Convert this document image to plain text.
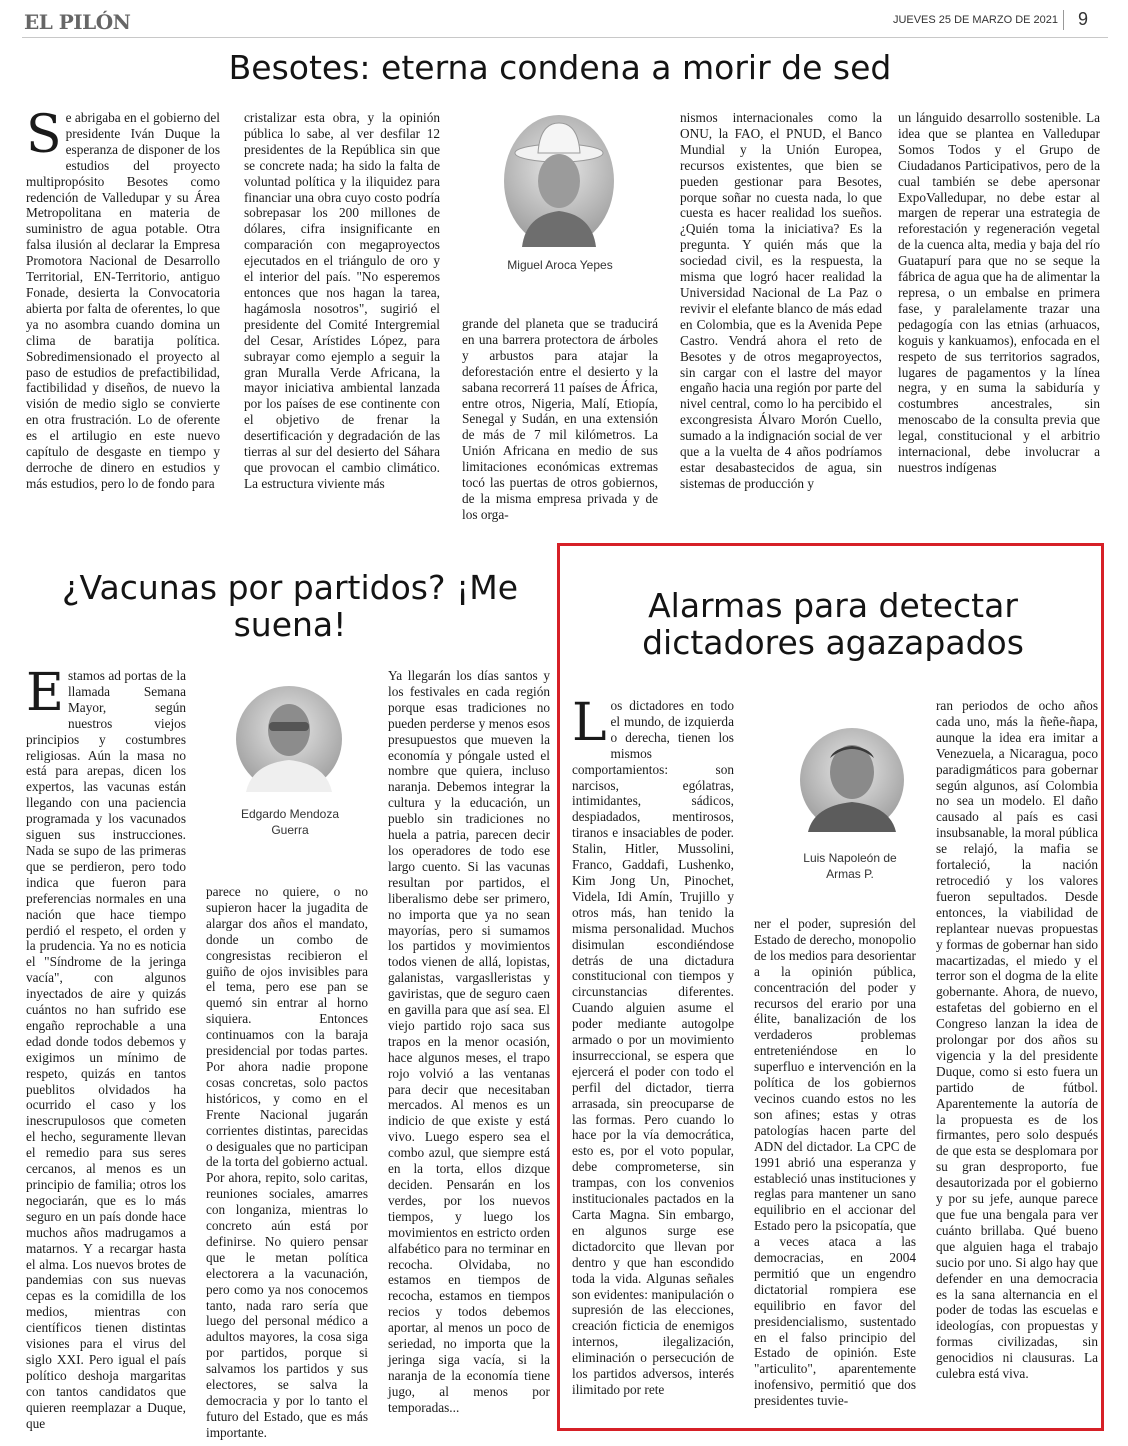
EL PILÓN	JUEVES 25 DE MARZO DE 2021 9
Besotes: eterna condena a morir de sed
Se abrigaba en el gobierno del presidente Iván Duque la esperanza de disponer de los estudios del proyecto multipropósito Besotes como redención de Valledupar y su Área Metropolitana en materia de suministro de agua potable. Otra falsa ilusión al declarar la Empresa Promotora Nacional de Desarrollo Territorial, EN-Territorio, antiguo Fonade, desierta la Convocatoria abierta por falta de oferentes, lo que ya no asombra cuando domina un clima de baratija política. Sobredimensionado el proyecto al paso de estudios de prefactibilidad, factibilidad y diseños, de nuevo la visión de medio siglo se convierte en otra frustración. Lo de oferente es el artilugio en este nuevo capítulo de desgaste en tiempo y derroche de dinero en estudios y más estudios, pero lo de fondo para
cristalizar esta obra, y la opinión pública lo sabe, al ver desfilar 12 presidentes de la República sin que se concrete nada; ha sido la falta de voluntad política y la iliquidez para financiar una obra cuyo costo podría sobrepasar los 200 millones de dólares, cifra insignificante en comparación con megaproyectos ejecutados en el triángulo de oro y el interior del país. "No esperemos entonces que nos hagan la tarea, hagámosla nosotros", sugirió el presidente del Comité Intergremial del Cesar, Arístides López, para subrayar como ejemplo a seguir la gran Muralla Verde Africana, la mayor iniciativa ambiental lanzada por los países de ese continente con el objetivo de frenar la desertificación y degradación de las tierras al sur del desierto del Sáhara que provocan el cambio climático. La estructura viviente más
Miguel Aroca Yepes
grande del planeta que se traducirá en una barrera protectora de árboles y arbustos para atajar la deforestación entre el desierto y la sabana recorrerá 11 países de África, entre otros, Nigeria, Malí, Etiopía, Senegal y Sudán, en una extensión de más de 7 mil kilómetros. La Unión Africana en medio de sus limitaciones económicas extremas tocó las puertas de otros gobiernos, de la misma empresa privada y de los orga-
nismos internacionales como la ONU, la FAO, el PNUD, el Banco Mundial y la Unión Europea, recursos existentes, que bien se pueden gestionar para Besotes, porque soñar no cuesta nada, lo que cuesta es hacer realidad los sueños. ¿Quién toma la iniciativa? Es la pregunta. Y quién más que la sociedad civil, es la respuesta, la misma que logró hacer realidad la Universidad Nacional de La Paz o revivir el elefante blanco de más edad en Colombia, que es la Avenida Pepe Castro. Vendrá ahora el reto de Besotes y de otros megaproyectos, sin cargar con el lastre del mayor engaño hacia una región por parte del nivel central, como lo ha percibido el excongresista Álvaro Morón Cuello, sumado a la indignación social de ver que a la vuelta de 4 años podríamos estar desabastecidos de agua, sin sistemas de producción y
un lánguido desarrollo sostenible. La idea que se plantea en Valledupar Somos Todos y el Grupo de Ciudadanos Participativos, pero de la cual también se debe apersonar ExpoValledupar, no debe estar al margen de reperar una estrategia de reforestación y regeneración vegetal de la cuenca alta, media y baja del río Guatapurí para que no se seque la fábrica de agua que ha de alimentar la represa, o un embalse en primera fase, y paralelamente trazar una pedagogía con las etnias (arhuacos, koguis y kankuamos), enfocada en el respeto de sus territorios sagrados, lugares de pagamentos y la línea negra, y en suma la sabiduría y costumbres ancestrales, sin menoscabo de la consulta previa que legal, constitucional y el arbitrio internacional, debe involucrar a nuestros indígenas
¿Vacunas por partidos? ¡Me suena!
Estamos ad portas de la llamada Semana Mayor, según nuestros viejos principios y costumbres religiosas. Aún la masa no está para arepas, dicen los expertos, las vacunas están llegando con una paciencia programada y los vacunados siguen sus instrucciones. Nada se supo de las primeras que se perdieron, pero todo indica que fueron para preferencias normales en una nación que hace tiempo perdió el respeto, el orden y la prudencia. Ya no es noticia el "Síndrome de la jeringa vacía", con algunos inyectados de aire y quizás cuántos no han sufrido ese engaño reprochable a una edad donde todos debemos y exigimos un mínimo de respeto, quizás en tantos pueblitos olvidados ha ocurrido el caso y los inescrupulosos que cometen el hecho, seguramente llevan el remedio para sus seres cercanos, al menos es un principio de familia; otros los negociarán, que es lo más seguro en un país donde hace muchos años madrugamos a matarnos. Y a recargar hasta el alma. Los nuevos brotes de pandemias con sus nuevas cepas es la comidilla de los medios, mientras con científicos tienen distintas visiones para el virus del siglo XXI. Pero igual el país político deshoja margaritas con tantos candidatos que quieren reemplazar a Duque, que
Edgardo Mendoza
Guerra
parece no quiere, o no supieron hacer la jugadita de alargar dos años el mandato, donde un combo de congresistas recibieron el guiño de ojos invisibles para el tema, pero ese pan se quemó sin entrar al horno siquiera. Entonces continuamos con la baraja presidencial por todas partes. Por ahora nadie propone cosas concretas, solo pactos históricos, y como en el Frente Nacional jugarán corrientes distintas, parecidas o desiguales que no participan de la torta del gobierno actual. Por ahora, repito, solo caritas, reuniones sociales, amarres con longaniza, mientras lo concreto aún está por definirse. No quiero pensar que le metan política electorera a la vacunación, pero como ya nos conocemos tanto, nada raro sería que luego del personal médico a adultos mayores, la cosa siga por partidos, porque si salvamos los partidos y sus electores, se salva la democracia y por lo tanto el futuro del Estado, que es más importante.
Ya llegarán los días santos y los festivales en cada región porque esas tradiciones no pueden perderse y menos esos presupuestos que mueven la economía y póngale usted el nombre que quiera, incluso naranja. Debemos integrar la cultura y la educación, un pueblo sin tradiciones no huela a patria, parecen decir los operadores de todo ese largo cuento. Si las vacunas resultan por partidos, el liberalismo debe ser primero, no importa que ya no sean mayorías, pero si sumamos los partidos y movimientos todos vienen de allá, lopistas, galanistas, vargaslleristas y gaviristas, que de seguro caen en gavilla para que así sea. El viejo partido rojo saca sus trapos en la menor ocasión, hace algunos meses, el trapo rojo volvió a las ventanas para decir que necesitaban mercados. Al menos es un indicio de que existe y está vivo. Luego espero sea el combo azul, que siempre está en la torta, ellos dizque deciden. Pensarán en los verdes, por los nuevos tiempos, y luego los movimientos en estricto orden alfabético para no terminar en recocha. Olvidaba, no estamos en tiempos de recocha, estamos en tiempos recios y todos debemos aportar, al menos un poco de seriedad, no importa que la jeringa siga vacía, si la naranja de la economía tiene jugo, al menos por temporadas...
Alarmas para detectar dictadores agazapados
Los dictadores en todo el mundo, de izquierda o derecha, tienen los mismos comportamientos: son narcisos, ególatras, intimidantes, sádicos, despiadados, mentirosos, tiranos e insaciables de poder. Stalin, Hitler, Mussolini, Franco, Gaddafi, Lushenko, Kim Jong Un, Pinochet, Videla, Idi Amín, Trujillo y otros más, han tenido la misma personalidad. Muchos disimulan escondiéndose detrás de una dictadura constitucional con tiempos y circunstancias diferentes. Cuando alguien asume el poder mediante autogolpe armado o por un movimiento insurreccional, se espera que ejercerá el poder con todo el perfil del dictador, tierra arrasada, sin preocuparse de las formas. Pero cuando lo hace por la vía democrática, esto es, por el voto popular, debe comprometerse, sin trampas, con los convenios institucionales pactados en la Carta Magna. Sin embargo, en algunos surge ese dictadorcito que llevan por dentro y que han escondido toda la vida. Algunas señales son evidentes: manipulación o supresión de las elecciones, creación ficticia de enemigos internos, ilegalización, eliminación o persecución de los partidos adversos, interés ilimitado por rete
Luis Napoleón de
Armas P.
ner el poder, supresión del Estado de derecho, monopolio de los medios para desorientar a la opinión pública, concentración del poder y recursos del erario por una élite, banalización de los verdaderos problemas entreteniéndose en lo superfluo e intervención en la política de los gobiernos vecinos cuando estos no les son afines; estas y otras patologías hacen parte del ADN del dictador. La CPC de 1991 abrió una esperanza y estableció unas instituciones y reglas para mantener un sano equilibrio en el accionar del Estado pero la psicopatía, que a veces ataca a las democracias, en 2004 permitió que un engendro dictatorial rompiera ese equilibrio en favor del presidencialismo, sustentado en el falso principio del Estado de opinión. Este "articulito", aparentemente inofensivo, permitió que dos presidentes tuvie-
ran periodos de ocho años cada uno, más la ñeñe-ñapa, aunque la idea era imitar a Venezuela, a Nicaragua, poco paradigmáticos para gobernar según algunos, así Colombia no sea un modelo. El daño causado al país es casi insubsanable, la moral pública se relajó, la mafia se fortaleció, la nación retrocedió y los valores fueron sepultados. Desde entonces, la viabilidad de replantear nuevas propuestas y formas de gobernar han sido macartizadas, el miedo y el terror son el dogma de la elite gobernante. Ahora, de nuevo, estafetas del gobierno en el Congreso lanzan la idea de prolongar por dos años su vigencia y la del presidente Duque, como si esto fuera un partido de fútbol. Aparentemente la autoría de la propuesta es de los firmantes, pero solo después de que esta se desplomara por su gran desproporto, fue desautorizada por el gobierno y por su jefe, aunque parece que fue una bengala para ver cuánto brillaba. Qué bueno que alguien haga el trabajo sucio por uno. Si algo hay que defender en una democracia es la sana alternancia en el poder de todas las escuelas e ideologías, con propuestas y formas civilizadas, sin genocidios ni clausuras. La culebra está viva.
